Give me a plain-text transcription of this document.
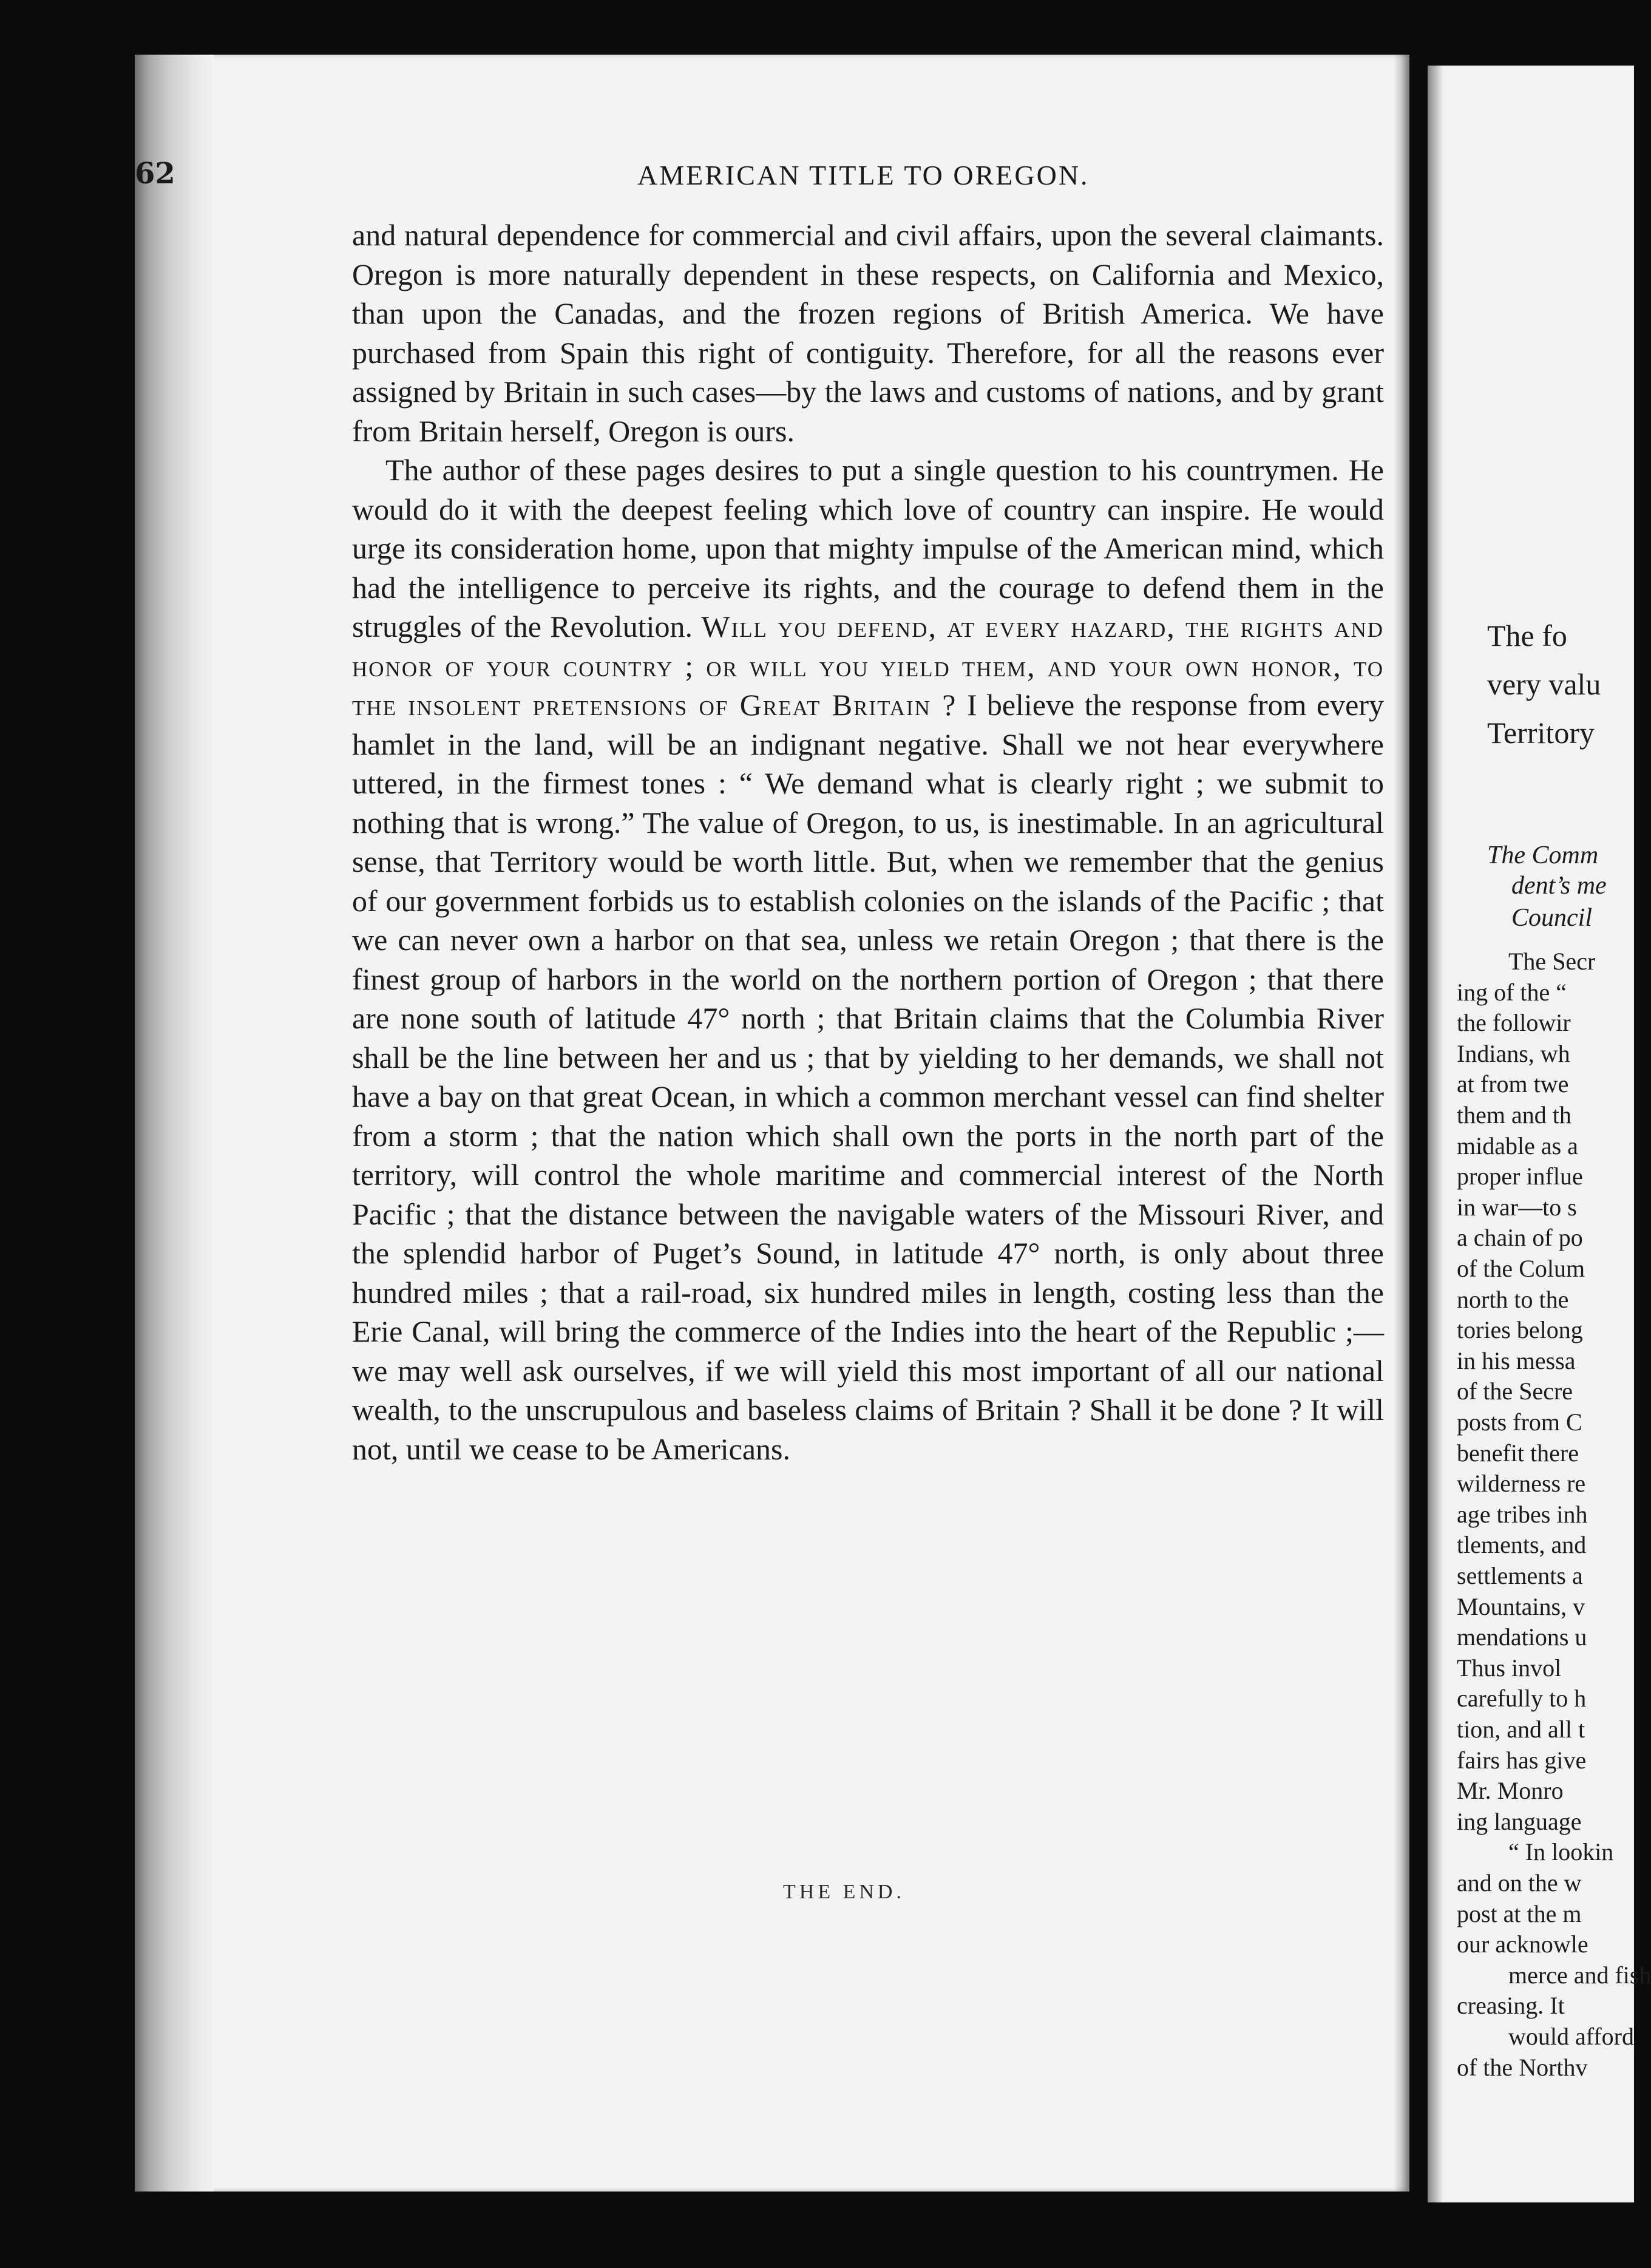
62	AMERICAN TITLE TO OREGON.

and natural dependence for commercial and civil affairs, upon the several claimants. Oregon is more naturally dependent in these respects, on California and Mexico, than upon the Canadas, and the frozen regions of British America. We have purchased from Spain this right of contiguity. Therefore, for all the reasons ever assigned by Britain in such cases—by the laws and customs of nations, and by grant from Britain herself, Oregon is ours.

The author of these pages desires to put a single question to his countrymen. He would do it with the deepest feeling which love of country can inspire. He would urge its consideration home, upon that mighty impulse of the American mind, which had the intelligence to perceive its rights, and the courage to defend them in the struggles of the Revolution. Will you defend, at every hazard, the rights and honor of your country ; or will you yield them, and your own honor, to the insolent pretensions of Great Britain ? I believe the response from every hamlet in the land, will be an indignant negative. Shall we not hear everywhere uttered, in the firmest tones : “ We demand what is clearly right ; we submit to nothing that is wrong.” The value of Oregon, to us, is inestimable. In an agricultural sense, that Territory would be worth little. But, when we remember that the genius of our government forbids us to establish colonies on the islands of the Pacific ; that we can never own a harbor on that sea, unless we retain Oregon ; that there is the finest group of harbors in the world on the northern portion of Oregon ; that there are none south of latitude 47° north ; that Britain claims that the Columbia River shall be the line between her and us ; that by yielding to her demands, we shall not have a bay on that great Ocean, in which a common merchant vessel can find shelter from a storm ; that the nation which shall own the ports in the north part of the territory, will control the whole maritime and commercial interest of the North Pacific ; that the distance between the navigable waters of the Missouri River, and the splendid harbor of Puget’s Sound, in latitude 47° north, is only about three hundred miles ; that a rail-road, six hundred miles in length, costing less than the Erie Canal, will bring the commerce of the Indies into the heart of the Republic ;—we may well ask ourselves, if we will yield this most important of all our national wealth, to the unscrupulous and baseless claims of Britain ? Shall it be done ? It will not, until we cease to be Americans.

THE END.
The fo
very valu
Territory
The Comm
dent’s me
Council
The Secr
ing of the “
the followir
Indians, wh
at from twe
them and th
midable as a
proper influe
in war—to s
a chain of po
of the Colum
north to the
tories belong
in his messa
of the Secre
posts from C
benefit there
wilderness re
age tribes inh
tlements, and
settlements a
Mountains, v
mendations u
Thus invol
carefully to h
tion, and all t
fairs has give
Mr. Monro
ing language
“ In lookin
and on the w
post at the m
our acknowle
merce and fish
creasing. It
would afford
of the Northv
